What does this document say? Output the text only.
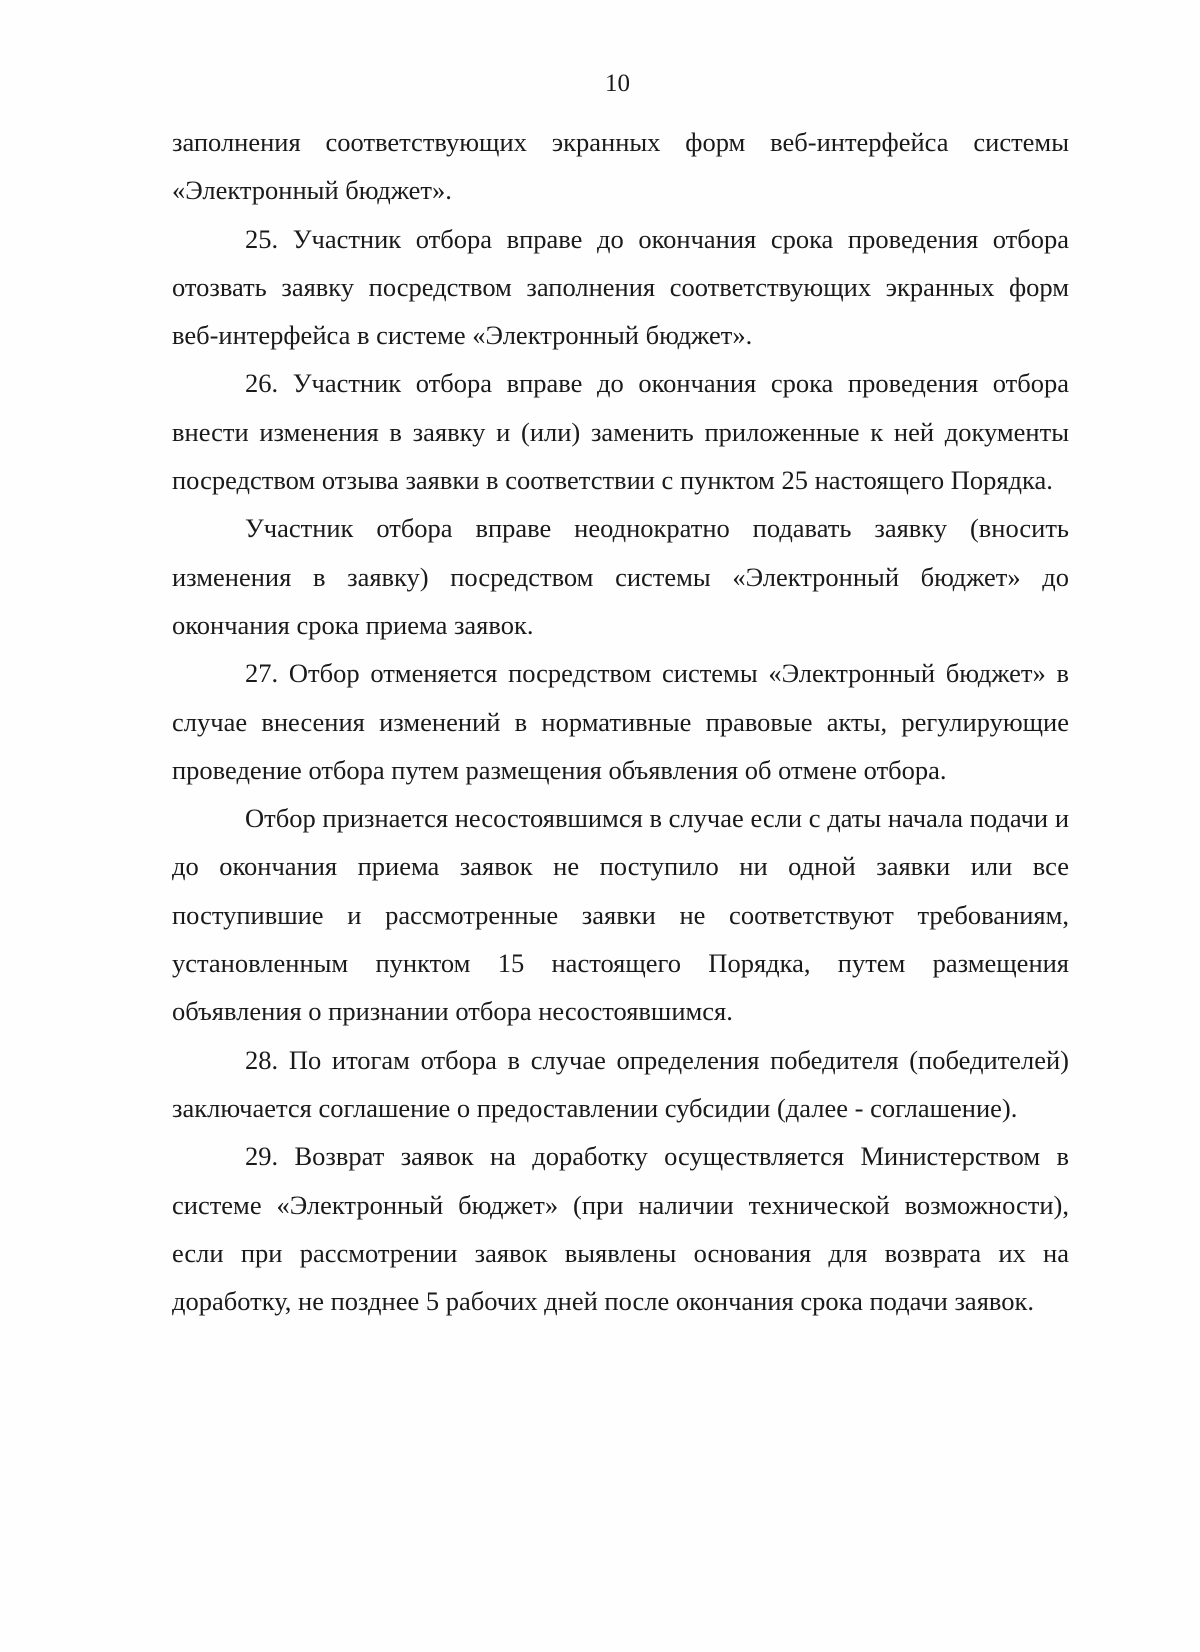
10

заполнения соответствующих экранных форм веб-интерфейса системы «Электронный бюджет».

25. Участник отбора вправе до окончания срока проведения отбора отозвать заявку посредством заполнения соответствующих экранных форм веб-интерфейса в системе «Электронный бюджет».

26. Участник отбора вправе до окончания срока проведения отбора внести изменения в заявку и (или) заменить приложенные к ней документы посредством отзыва заявки в соответствии с пунктом 25 настоящего Порядка.

Участник отбора вправе неоднократно подавать заявку (вносить изменения в заявку) посредством системы «Электронный бюджет» до окончания срока приема заявок.

27. Отбор отменяется посредством системы «Электронный бюджет» в случае внесения изменений в нормативные правовые акты, регулирующие проведение отбора путем размещения объявления об отмене отбора.

Отбор признается несостоявшимся в случае если с даты начала подачи и до окончания приема заявок не поступило ни одной заявки или все поступившие и рассмотренные заявки не соответствуют требованиям, установленным пунктом 15 настоящего Порядка, путем размещения объявления о признании отбора несостоявшимся.

28. По итогам отбора в случае определения победителя (победителей) заключается соглашение о предоставлении субсидии (далее - соглашение).

29. Возврат заявок на доработку осуществляется Министерством в системе «Электронный бюджет» (при наличии технической возможности), если при рассмотрении заявок выявлены основания для возврата их на доработку, не позднее 5 рабочих дней после окончания срока подачи заявок.
